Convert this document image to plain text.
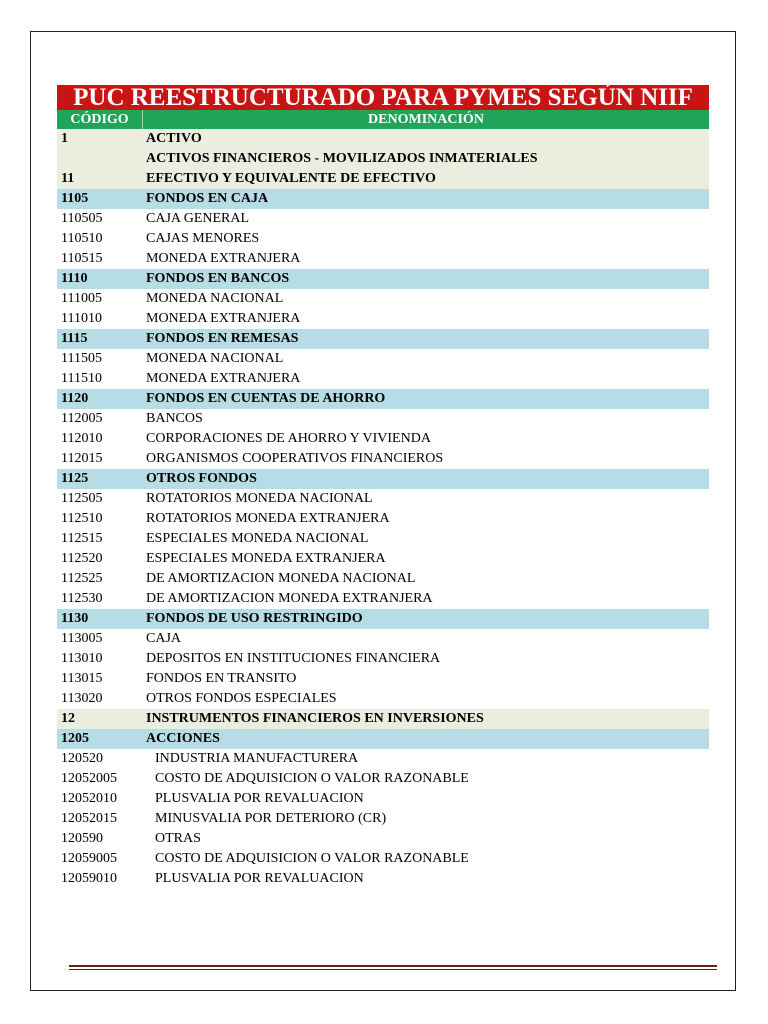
PUC REESTRUCTURADO PARA PYMES SEGÚN NIIF
CÓDIGO	DENOMINACIÓN
1	ACTIVO
ACTIVOS FINANCIEROS - MOVILIZADOS INMATERIALES
11	EFECTIVO Y EQUIVALENTE DE EFECTIVO
1105	FONDOS EN CAJA
110505	CAJA GENERAL
110510	CAJAS MENORES
110515	MONEDA EXTRANJERA
1110	FONDOS EN BANCOS
111005	MONEDA NACIONAL
111010	MONEDA EXTRANJERA
1115	FONDOS EN REMESAS
111505	MONEDA NACIONAL
111510	MONEDA EXTRANJERA
1120	FONDOS EN CUENTAS DE AHORRO
112005	BANCOS
112010	CORPORACIONES DE AHORRO Y VIVIENDA
112015	ORGANISMOS COOPERATIVOS FINANCIEROS
1125	OTROS FONDOS
112505	ROTATORIOS MONEDA NACIONAL
112510	ROTATORIOS MONEDA EXTRANJERA
112515	ESPECIALES MONEDA NACIONAL
112520	ESPECIALES MONEDA EXTRANJERA
112525	DE AMORTIZACION MONEDA NACIONAL
112530	DE AMORTIZACION MONEDA EXTRANJERA
1130	FONDOS DE USO RESTRINGIDO
113005	CAJA
113010	DEPOSITOS EN INSTITUCIONES FINANCIERA
113015	FONDOS EN TRANSITO
113020	OTROS FONDOS ESPECIALES
12	INSTRUMENTOS FINANCIEROS EN INVERSIONES
1205	ACCIONES
120520	INDUSTRIA MANUFACTURERA
12052005	COSTO DE ADQUISICION O VALOR RAZONABLE
12052010	PLUSVALIA POR REVALUACION
12052015	MINUSVALIA POR DETERIORO (CR)
120590	OTRAS
12059005	COSTO DE ADQUISICION O VALOR RAZONABLE
12059010	PLUSVALIA POR REVALUACION
